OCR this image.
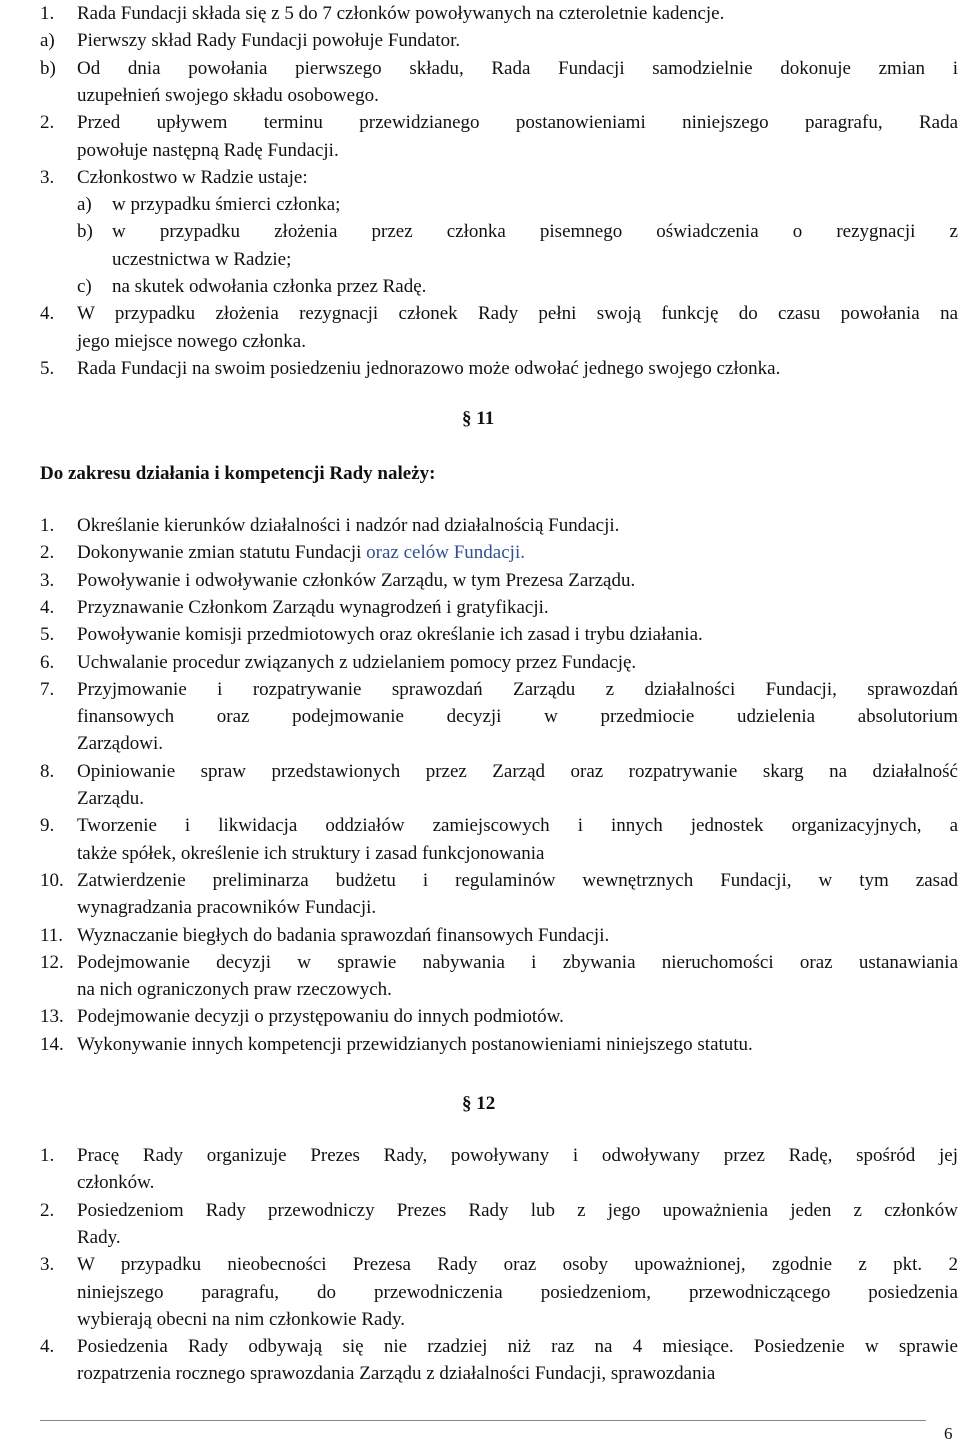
§ 11
Do zakresu działania i kompetencji Rady należy:
§ 12
6
1. Rada Fundacji składa się z 5 do 7 członków powoływanych na czteroletnie kadencje.
a) Pierwszy skład Rady Fundacji powołuje Fundator.
b) Od dnia powołania pierwszego składu, Rada Fundacji samodzielnie dokonuje zmian i
uzupełnień swojego składu osobowego.
2. Przed upływem terminu przewidzianego postanowieniami niniejszego paragrafu, Rada
powołuje następną Radę Fundacji.
3. Członkostwo w Radzie ustaje:
a) w przypadku śmierci członka;
b) w przypadku złożenia przez członka pisemnego oświadczenia o rezygnacji z
uczestnictwa w Radzie;
c) na skutek odwołania członka przez Radę.
4. W przypadku złożenia rezygnacji członek Rady pełni swoją funkcję do czasu powołania na
jego miejsce nowego członka.
5. Rada Fundacji na swoim posiedzeniu jednorazowo może odwołać jednego swojego członka.
1. Określanie kierunków działalności i nadzór nad działalnością Fundacji.
2. Dokonywanie zmian statutu Fundacji oraz celów Fundacji.
3. Powoływanie i odwoływanie członków Zarządu, w tym Prezesa Zarządu.
4. Przyznawanie Członkom Zarządu wynagrodzeń i gratyfikacji.
5. Powoływanie komisji przedmiotowych oraz określanie ich zasad i trybu działania.
6. Uchwalanie procedur związanych z udzielaniem pomocy przez Fundację.
7. Przyjmowanie i rozpatrywanie sprawozdań Zarządu z działalności Fundacji, sprawozdań
finansowych oraz podejmowanie decyzji w przedmiocie udzielenia absolutorium
Zarządowi.
8. Opiniowanie spraw przedstawionych przez Zarząd oraz rozpatrywanie skarg na działalność
Zarządu.
9. Tworzenie i likwidacja oddziałów zamiejscowych i innych jednostek organizacyjnych, a
także spółek, określenie ich struktury i zasad funkcjonowania
10. Zatwierdzenie preliminarza budżetu i regulaminów wewnętrznych Fundacji, w tym zasad
wynagradzania pracowników Fundacji.
11. Wyznaczanie biegłych do badania sprawozdań finansowych Fundacji.
12. Podejmowanie decyzji w sprawie nabywania i zbywania nieruchomości oraz ustanawiania
na nich ograniczonych praw rzeczowych.
13. Podejmowanie decyzji o przystępowaniu do innych podmiotów.
14. Wykonywanie innych kompetencji przewidzianych postanowieniami niniejszego statutu.
1. Pracę Rady organizuje Prezes Rady, powoływany i odwoływany przez Radę, spośród jej
członków.
2. Posiedzeniom Rady przewodniczy Prezes Rady lub z jego upoważnienia jeden z członków
Rady.
3. W przypadku nieobecności Prezesa Rady oraz osoby upoważnionej, zgodnie z pkt. 2
niniejszego paragrafu, do przewodniczenia posiedzeniom, przewodniczącego posiedzenia
wybierają obecni na nim członkowie Rady.
4. Posiedzenia Rady odbywają się nie rzadziej niż raz na 4 miesiące. Posiedzenie w sprawie
rozpatrzenia rocznego sprawozdania Zarządu z działalności Fundacji, sprawozdania
